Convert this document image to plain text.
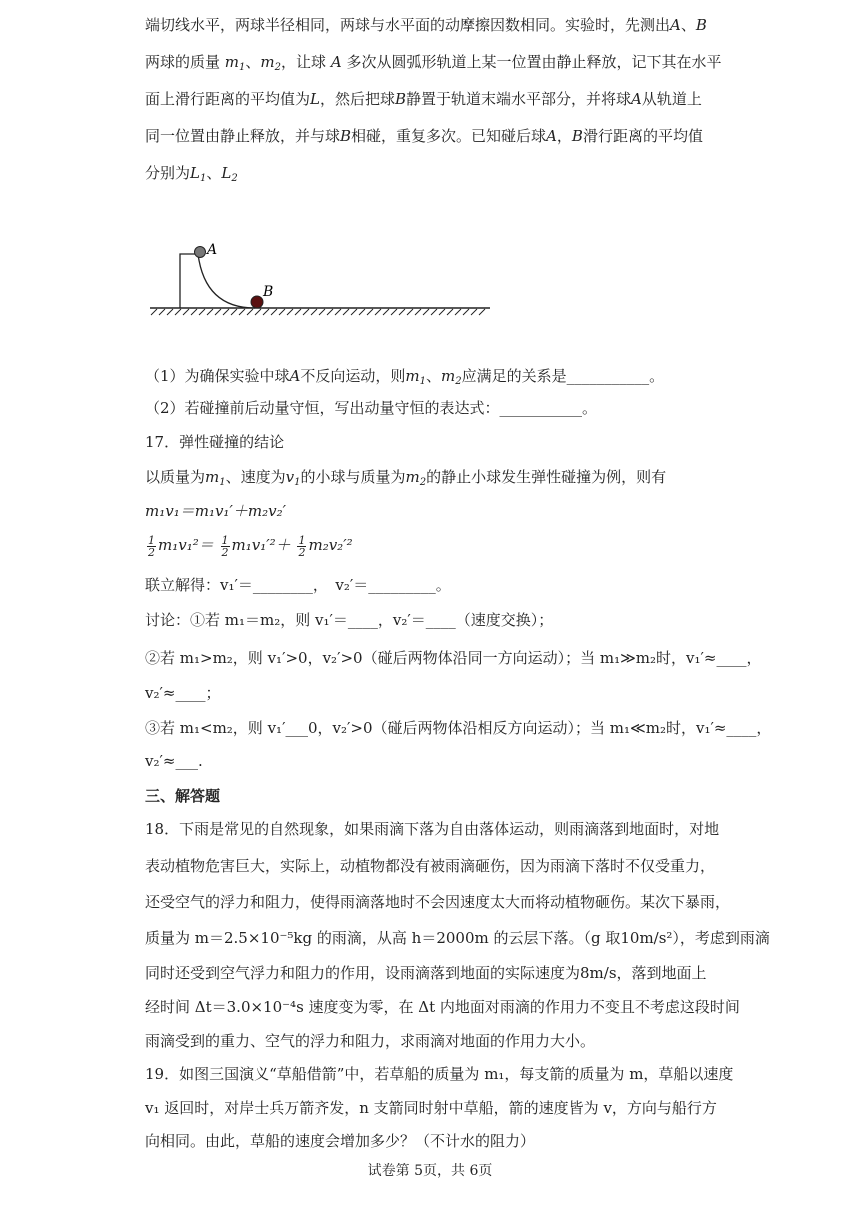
端切线水平，两球半径相同，两球与水平面的动摩擦因数相同。实验时，先测出A、B
两球的质量 $m_1$、$m_2$，让球 A 多次从圆弧形轨道上某一位置由静止释放，记下其在水平
面上滑行距离的平均值为L，然后把球B静置于轨道末端水平部分，并将球A从轨道上
同一位置由静止释放，并与球B相碰，重复多次。已知碰后球A，B滑行距离的平均值
分别为$L_1$、$L_2$
A
B
（1）为确保实验中球A不反向运动，则$m_1$、$m_2$应满足的关系是___________。
（2）若碰撞前后动量守恒，写出动量守恒的表达式：___________。
17．弹性碰撞的结论
以质量为$m_1$、速度为$v_1$的小球与质量为$m_2$的静止小球发生弹性碰撞为例，则有
m₁v₁＝m₁v₁′＋m₂v₂′
$\frac{1}{2} m_1v_1^2= \frac{1}{2} m_1v_1'^2+ \frac{1}{2} m_2v_2'^2$
联立解得：v₁′＝________，　v₂′＝_________。
讨论：①若 m₁＝m₂，则 v₁′＝____，v₂′＝____（速度交换）；
②若 m₁>m₂，则 v₁′>0，v₂′>0（碰后两物体沿同一方向运动）；当 m₁≫m₂时，v₁′≈____，
v₂′≈____；
③若 m₁<m₂，则 v₁′___0，v₂′>0（碰后两物体沿相反方向运动）；当 m₁≪m₂时，v₁′≈____，
v₂′≈___.
三、解答题
18．下雨是常见的自然现象，如果雨滴下落为自由落体运动，则雨滴落到地面时，对地
表动植物危害巨大，实际上，动植物都没有被雨滴砸伤，因为雨滴下落时不仅受重力，
还受空气的浮力和阻力，使得雨滴落地时不会因速度太大而将动植物砸伤。某次下暴雨，
质量为 m＝2.5×10⁻⁵kg 的雨滴，从高 h＝2000m 的云层下落。（g 取10m/s²），考虑到雨滴
同时还受到空气浮力和阻力的作用，设雨滴落到地面的实际速度为8m/s，落到地面上
经时间 Δt＝3.0×10⁻⁴s 速度变为零，在 Δt 内地面对雨滴的作用力不变且不考虑这段时间
雨滴受到的重力、空气的浮力和阻力，求雨滴对地面的作用力大小。
19．如图三国演义“草船借箭”中，若草船的质量为 m₁，每支箭的质量为 m，草船以速度
v₁ 返回时，对岸士兵万箭齐发，n 支箭同时射中草船，箭的速度皆为 v，方向与船行方
向相同。由此，草船的速度会增加多少？（不计水的阻力）
试卷第 5页，共 6页
